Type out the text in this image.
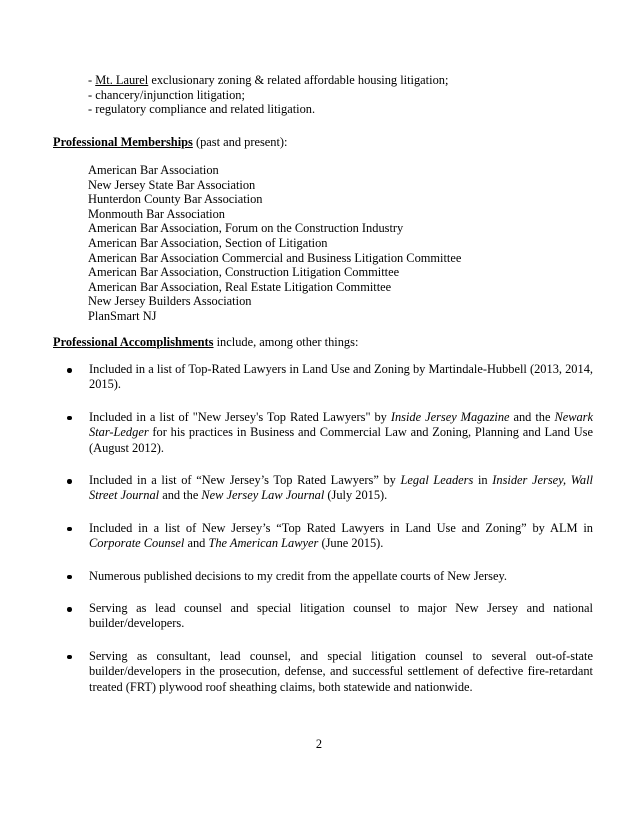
- Mt. Laurel exclusionary zoning & related affordable housing litigation;
- chancery/injunction litigation;
- regulatory compliance and related litigation.
Professional Memberships (past and present):
American Bar Association
New Jersey State Bar Association
Hunterdon County Bar Association
Monmouth Bar Association
American Bar Association, Forum on the Construction Industry
American Bar Association, Section of Litigation
American Bar Association Commercial and Business Litigation Committee
American Bar Association, Construction Litigation Committee
American Bar Association, Real Estate Litigation Committee
New Jersey Builders Association
PlanSmart NJ
Professional Accomplishments include, among other things:
Included in a list of Top-Rated Lawyers in Land Use and Zoning by Martindale-Hubbell (2013, 2014, 2015).
Included in a list of "New Jersey's Top Rated Lawyers" by Inside Jersey Magazine and the Newark Star-Ledger for his practices in Business and Commercial Law and Zoning, Planning and Land Use (August 2012).
Included in a list of “New Jersey’s Top Rated Lawyers” by Legal Leaders in Insider Jersey, Wall Street Journal and the New Jersey Law Journal (July 2015).
Included in a list of New Jersey’s “Top Rated Lawyers in Land Use and Zoning” by ALM in Corporate Counsel and The American Lawyer (June 2015).
Numerous published decisions to my credit from the appellate courts of New Jersey.
Serving as lead counsel and special litigation counsel to major New Jersey and national builder/developers.
Serving as consultant, lead counsel, and special litigation counsel to several out-of-state builder/developers in the prosecution, defense, and successful settlement of defective fire-retardant treated (FRT) plywood roof sheathing claims, both statewide and nationwide.
2
